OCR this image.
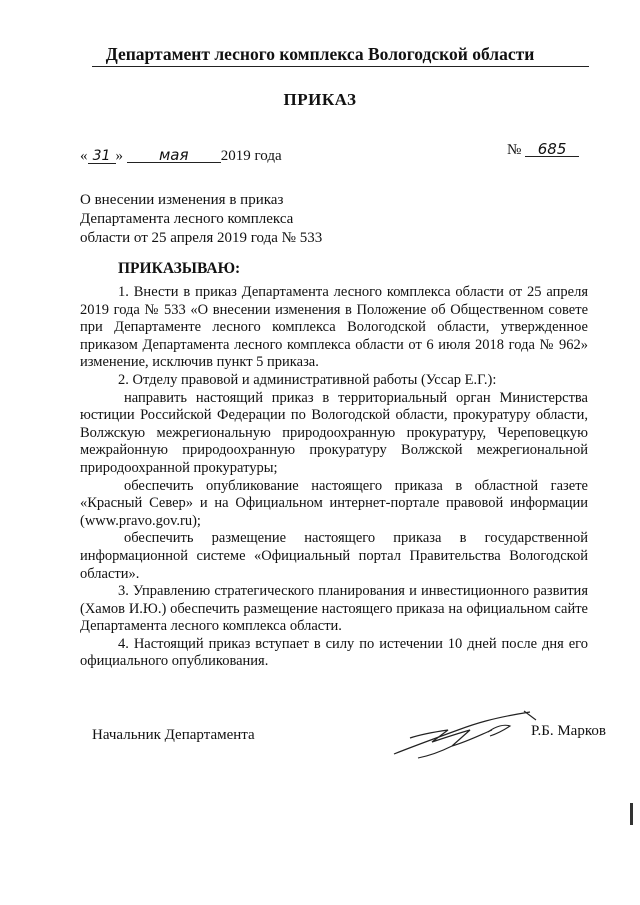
Департамент лесного комплекса Вологодской области
ПРИКАЗ
« 31 » мая 2019 года	№ 685
О внесении изменения в приказ
Департамента лесного комплекса
области от 25 апреля 2019 года № 533
ПРИКАЗЫВАЮ:

1. Внести в приказ Департамента лесного комплекса области от 25 апреля 2019 года № 533 «О внесении изменения в Положение об Общественном совете при Департаменте лесного комплекса Вологодской области, утвержденное приказом Департамента лесного комплекса области от 6 июля 2018 года № 962» изменение, исключив пункт 5 приказа.

2. Отделу правовой и административной работы (Уссар Е.Г.):

направить настоящий приказ в территориальный орган Министерства юстиции Российской Федерации по Вологодской области, прокуратуру области, Волжскую межрегиональную природоохранную прокуратуру, Череповецкую межрайонную природоохранную прокуратуру Волжской межрегиональной природоохранной прокуратуры;

обеспечить опубликование настоящего приказа в областной газете «Красный Север» и на Официальном интернет-портале правовой информации (www.pravo.gov.ru);

обеспечить размещение настоящего приказа в государственной информационной системе «Официальный портал Правительства Вологодской области».

3. Управлению стратегического планирования и инвестиционного развития (Хамов И.Ю.) обеспечить размещение настоящего приказа на официальном сайте Департамента лесного комплекса области.

4. Настоящий приказ вступает в силу по истечении 10 дней после дня его официального опубликования.

Начальник Департамента	Р.Б. Марков
